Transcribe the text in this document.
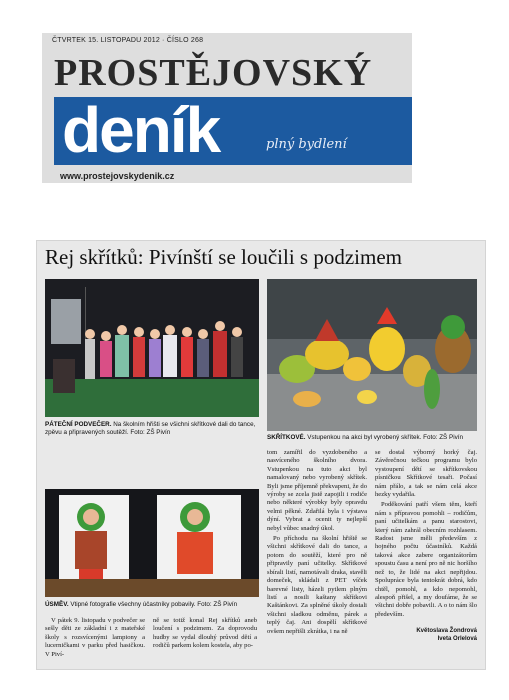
ČTVRTEK 15. LISTOPADU 2012 · ČÍSLO 268
PROSTĚJOVSKÝ
deník	plný bydlení
www.prostejovskydenik.cz
Rej skřítků: Pivínští se loučili s podzimem
PÁTEČNÍ PODVEČER. Na školním hřišti se všichni skřítkové dali do tance, zpěvu a připravených soutěží. Foto: ZŠ Pivín
SKŘÍTKOVÉ. Vstupenkou na akci byl vyrobený skřítek. Foto: ZŠ Pivín
ÚSMĚV. Vtipné fotografie všechny účastníky pobavily. Foto: ZŠ Pivín

V pátek 9. listopadu v podvečer se sešly děti ze základní i z mateřské školy s rozsvícenými lampiony a lucerničkami v parku před hasičkou. V Piví-

ně se totiž konal Rej skřítků aneb loučení s podzimem. Za doprovodu hudby se vydal dlouhý průvod dětí a rodičů parkem kolem kostela, aby po-

tom zamířil do vyzdobeného a nasvíceného školního dvora. Vstupenkou na tuto akci byl namalovaný nebo vyrobený skřítek. Byli jsme příjemně překvapeni, že do výroby se zcela jistě zapojili i rodiče nebo některé výrobky byly opravdu velmi pěkné. Zdařilá byla i výstava dýní. Vybrat a ocenit ty nejlepší nebyl vůbec snadný úkol.

Po příchodu na školní hřiště se všichni skřítkové dali do tance, a potom do soutěží, které pro ně připravily paní učitelky. Skřítkové sbírali listí, namotávali draka, stavěli domeček, skládali z PET víček barevné listy, házeli pytlem plným listí a nosili kaštany skřítkovi Kaštánkovi. Za splněné úkoly dostali všichni sladkou odměnu, párek a teplý čaj. Ani dospělí skřítkové ovšem nepřišli zkrátka, i na ně

se dostal výborný horký čaj. Závěrečnou tečkou programu bylo vystoupení dětí se skřítkovskou písničkou Skřítkové tesaři. Počasí nám přálo, a tak se nám celá akce hezky vydařila.

Poděkování patří všem těm, kteří nám s přípravou pomohli – rodičům, paní učitelkám a panu starostovi, který nám zahrál obecním rozhlasem. Radost jsme měli především z hojného počtu účastníků. Každá taková akce zabere organizátorům spoustu času a není pro ně nic horšího než to, že lidé na akci nepřijdou. Spolupráce byla tentokrát dobrá, kdo chtěl, pomohl, a kdo nepomohl, alespoň přišel, a my doufáme, že se všichni dobře pobavili. A o to nám šlo především.

Květoslava Žondrová
Iveta Orlelová
